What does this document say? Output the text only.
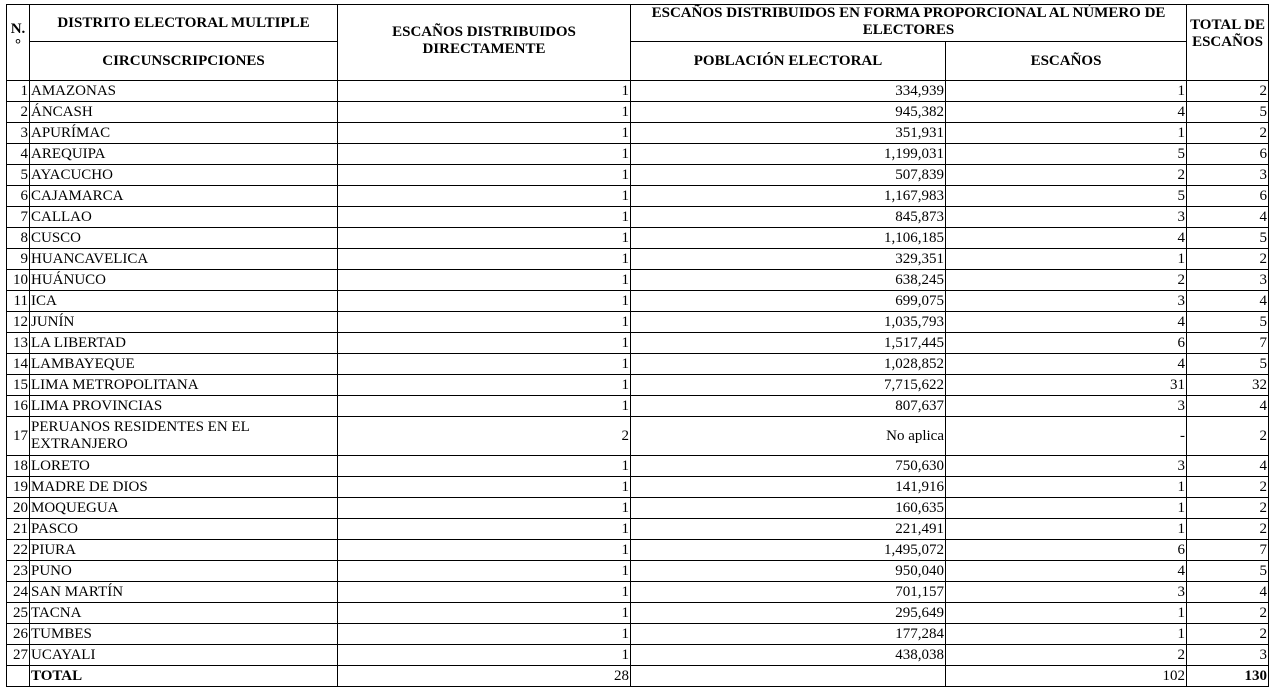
N.°	DISTRITO ELECTORAL MULTIPLE	ESCAÑOS DISTRIBUIDOS DIRECTAMENTE	ESCAÑOS DISTRIBUIDOS EN FORMA PROPORCIONAL AL NÚMERO DE ELECTORES		TOTAL DE ESCAÑOS
	CIRCUNSCRIPCIONES		POBLACIÓN ELECTORAL	ESCAÑOS	
1	AMAZONAS	1	334,939	1	2
2	ÁNCASH	1	945,382	4	5
3	APURÍMAC	1	351,931	1	2
4	AREQUIPA	1	1,199,031	5	6
5	AYACUCHO	1	507,839	2	3
6	CAJAMARCA	1	1,167,983	5	6
7	CALLAO	1	845,873	3	4
8	CUSCO	1	1,106,185	4	5
9	HUANCAVELICA	1	329,351	1	2
10	HUÁNUCO	1	638,245	2	3
11	ICA	1	699,075	3	4
12	JUNÍN	1	1,035,793	4	5
13	LA LIBERTAD	1	1,517,445	6	7
14	LAMBAYEQUE	1	1,028,852	4	5
15	LIMA METROPOLITANA	1	7,715,622	31	32
16	LIMA PROVINCIAS	1	807,637	3	4
17	PERUANOS RESIDENTES EN EL EXTRANJERO	2	No aplica	-	2
18	LORETO	1	750,630	3	4
19	MADRE DE DIOS	1	141,916	1	2
20	MOQUEGUA	1	160,635	1	2
21	PASCO	1	221,491	1	2
22	PIURA	1	1,495,072	6	7
23	PUNO	1	950,040	4	5
24	SAN MARTÍN	1	701,157	3	4
25	TACNA	1	295,649	1	2
26	TUMBES	1	177,284	1	2
27	UCAYALI	1	438,038	2	3
	TOTAL	28		102	130
